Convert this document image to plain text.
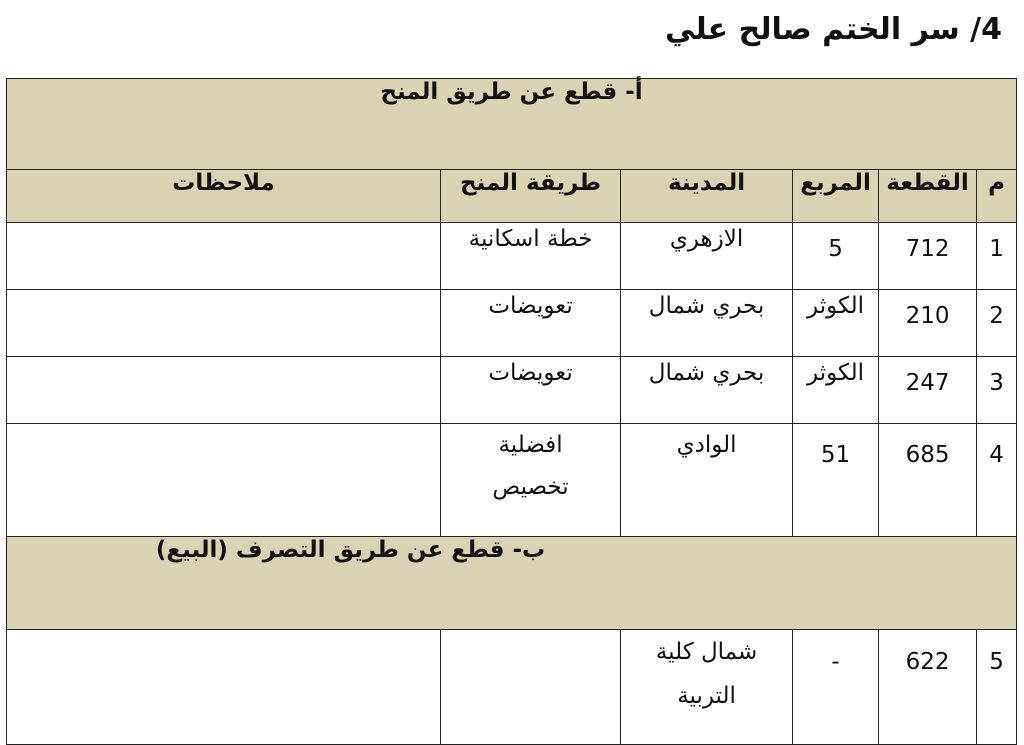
4/ سر الختم صالح علي
أ- قطع عن طريق المنح					
م	القطعة	المربع	المدينة	طريقة المنح	ملاحظات
1	712	5	الازهري	خطة اسكانية	
2	210	الكوثر	بحري شمال	تعويضات	
3	247	الكوثر	بحري شمال	تعويضات	
4	685	51	الوادي	افضلية
تخصيص	

ب- قطع عن طريق التصرف (البيع)					
5	622	-	شمال كلية
التربية		
